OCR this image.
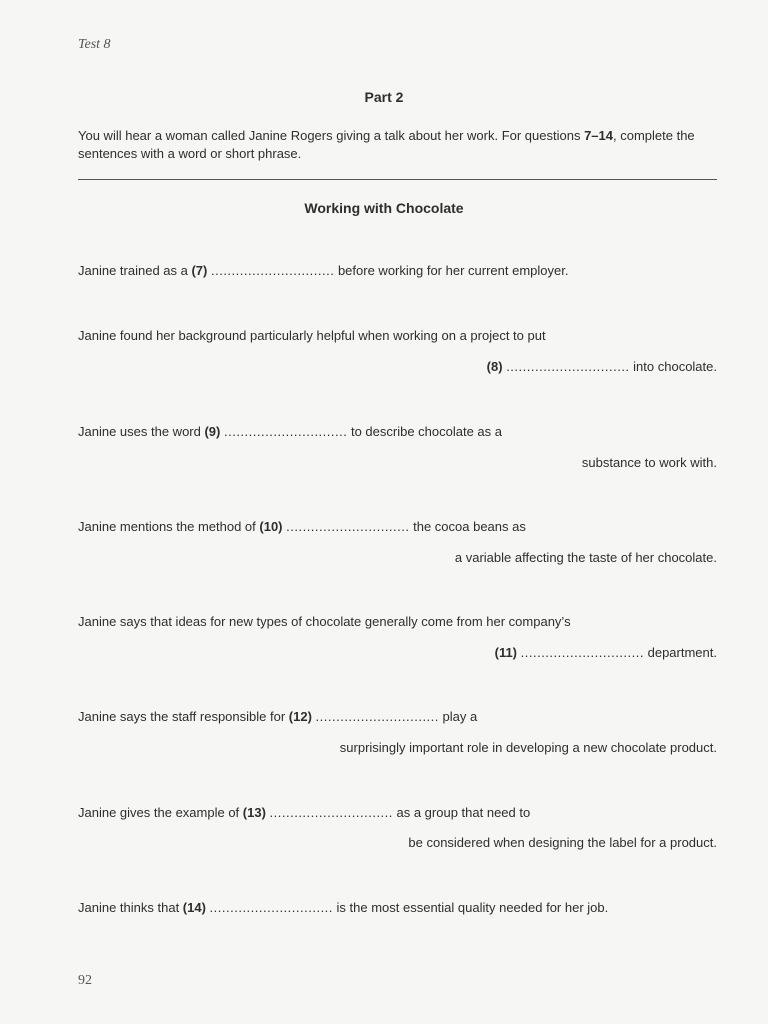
Test 8
Part 2
You will hear a woman called Janine Rogers giving a talk about her work. For questions 7–14, complete the sentences with a word or short phrase.
Working with Chocolate
Janine trained as a (7) .............................. before working for her current employer.
Janine found her background particularly helpful when working on a project to put
(8) .............................. into chocolate.
Janine uses the word (9) .............................. to describe chocolate as a
substance to work with.
Janine mentions the method of (10) .............................. the cocoa beans as
a variable affecting the taste of her chocolate.
Janine says that ideas for new types of chocolate generally come from her company’s
(11) .............................. department.
Janine says the staff responsible for (12) .............................. play a
surprisingly important role in developing a new chocolate product.
Janine gives the example of (13) .............................. as a group that need to
be considered when designing the label for a product.
Janine thinks that (14) .............................. is the most essential quality needed for her job.
92
